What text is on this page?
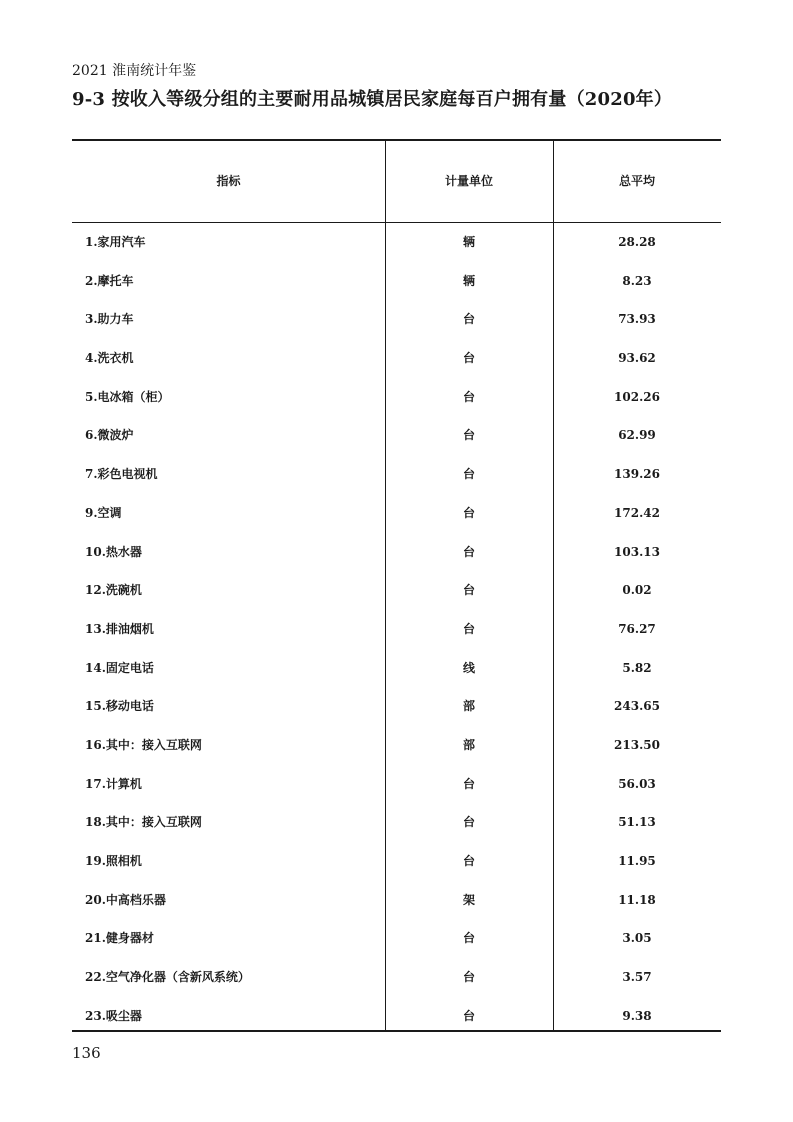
2021 淮南统计年鉴
9-3 按收入等级分组的主要耐用品城镇居民家庭每百户拥有量（2020年）
指标	计量单位	总平均
1.家用汽车	辆	28.28
2.摩托车	辆	8.23
3.助力车	台	73.93
4.洗衣机	台	93.62
5.电冰箱（柜）	台	102.26
6.微波炉	台	62.99
7.彩色电视机	台	139.26
9.空调	台	172.42
10.热水器	台	103.13
12.洗碗机	台	0.02
13.排油烟机	台	76.27
14.固定电话	线	5.82
15.移动电话	部	243.65
16.其中：接入互联网	部	213.50
17.计算机	台	56.03
18.其中：接入互联网	台	51.13
19.照相机	台	11.95
20.中高档乐器	架	11.18
21.健身器材	台	3.05
22.空气净化器（含新风系统）	台	3.57
23.吸尘器	台	9.38
136
